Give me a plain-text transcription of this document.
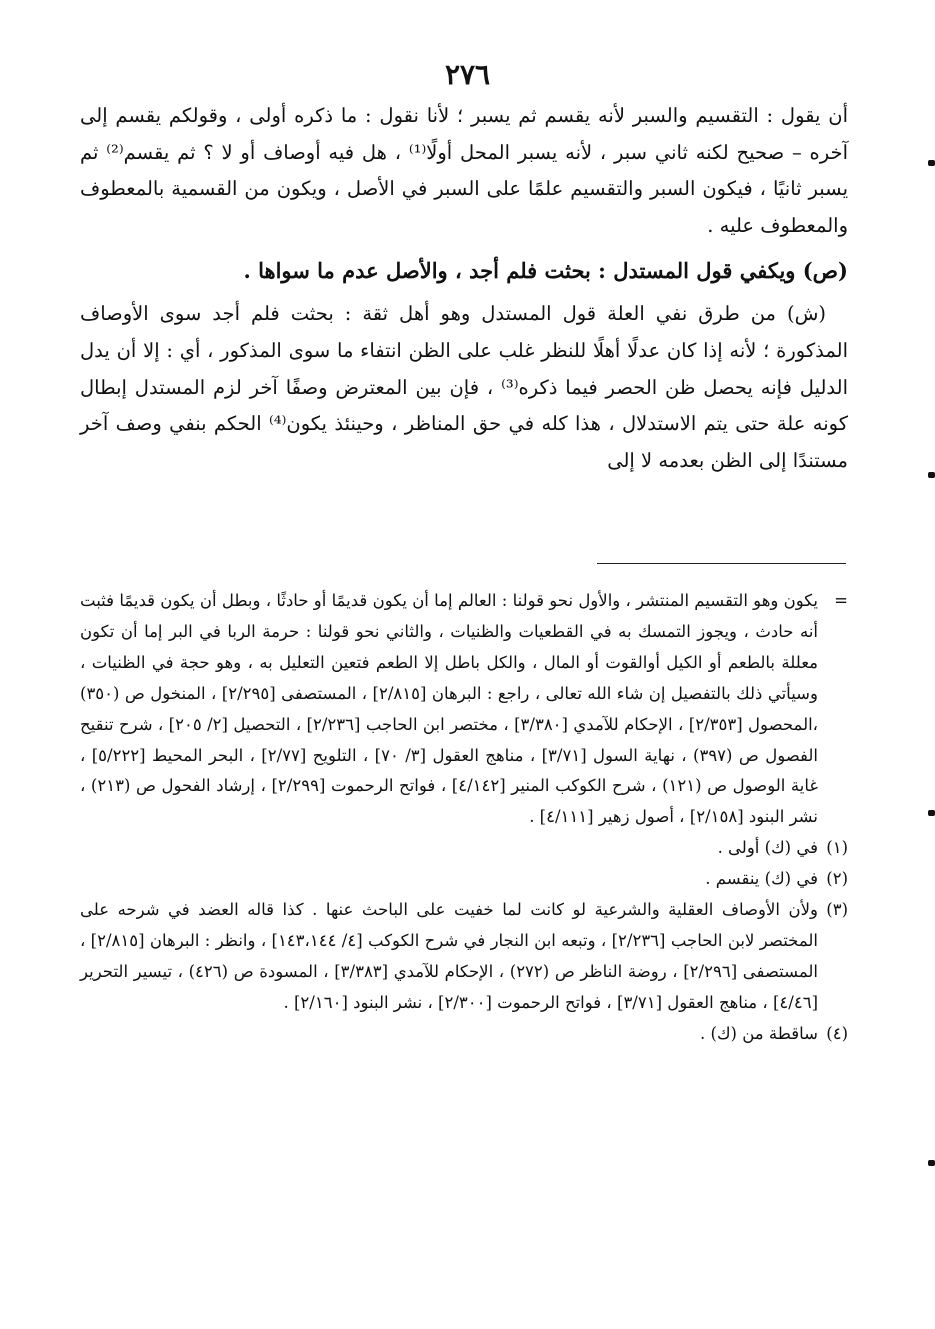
٢٧٦

أن يقول : التقسيم والسبر لأنه يقسم ثم يسبر ؛ لأنا نقول : ما ذكره أولى ، وقولكم يقسم إلى آخره – صحيح لكنه ثاني سبر ، لأنه يسبر المحل أولًا⁽¹⁾ ، هل فيه أوصاف أو لا ؟ ثم يقسم⁽²⁾ ثم يسبر ثانيًا ، فيكون السبر والتقسيم علمًا على السبر في الأصل ، ويكون من القسمية بالمعطوف والمعطوف عليه .

(ص) ويكفي قول المستدل : بحثت فلم أجد ، والأصل عدم ما سواها .

(ش) من طرق نفي العلة قول المستدل وهو أهل ثقة : بحثت فلم أجد سوى الأوصاف المذكورة ؛ لأنه إذا كان عدلًا أهلًا للنظر غلب على الظن انتفاء ما سوى المذكور ، أي : إلا أن يدل الدليل فإنه يحصل ظن الحصر فيما ذكره⁽³⁾ ، فإن بين المعترض وصفًا آخر لزم المستدل إبطال كونه علة حتى يتم الاستدلال ، هذا كله في حق المناظر ، وحينئذ يكون⁽⁴⁾ الحكم بنفي وصف آخر مستندًا إلى الظن بعدمه لا إلى

=
يكون وهو التقسيم المنتشر ، والأول نحو قولنا : العالم إما أن يكون قديمًا أو حادثًا ، وبطل أن يكون قديمًا فثبت أنه حادث ، ويجوز التمسك به في القطعيات والظنيات ، والثاني نحو قولنا : حرمة الربا في البر إما أن تكون معللة بالطعم أو الكيل أوالقوت أو المال ، والكل باطل إلا الطعم فتعين التعليل به ، وهو حجة في الظنيات ، وسيأتي ذلك بالتفصيل إن شاء الله تعالى ، راجع : البرهان [٢/٨١٥] ، المستصفى [٢/٢٩٥] ، المنخول ص (٣٥٠) ،المحصول [٢/٣٥٣] ، الإحكام للآمدي [٣/٣٨٠] ، مختصر ابن الحاجب [٢/٢٣٦] ، التحصيل [٢/ ٢٠٥] ، شرح تنقيح الفصول ص (٣٩٧) ، نهاية السول [٣/٧١] ، مناهج العقول [٣/ ٧٠] ، التلويح [٢/٧٧] ، البحر المحيط [٥/٢٢٢] ، غاية الوصول ص (١٢١) ، شرح الكوكب المنير [٤/١٤٢] ، فواتح الرحموت [٢/٢٩٩] ، إرشاد الفحول ص (٢١٣) ، نشر البنود [٢/١٥٨] ، أصول زهير [٤/١١١] .

(١)
في (ك) أولى .

(٢)
في (ك) ينقسم .

(٣)
ولأن الأوصاف العقلية والشرعية لو كانت لما خفيت على الباحث عنها . كذا قاله العضد في شرحه على المختصر لابن الحاجب [٢/٢٣٦] ، وتبعه ابن النجار في شرح الكوكب [٤/ ١٤٣،١٤٤] ، وانظر : البرهان [٢/٨١٥] ، المستصفى [٢/٢٩٦] ، روضة الناظر ص (٢٧٢) ، الإحكام للآمدي [٣/٣٨٣] ، المسودة ص (٤٢٦) ، تيسير التحرير [٤/٤٦] ، مناهج العقول [٣/٧١] ، فواتح الرحموت [٢/٣٠٠] ، نشر البنود [٢/١٦٠] .

(٤)
ساقطة من (ك) .
